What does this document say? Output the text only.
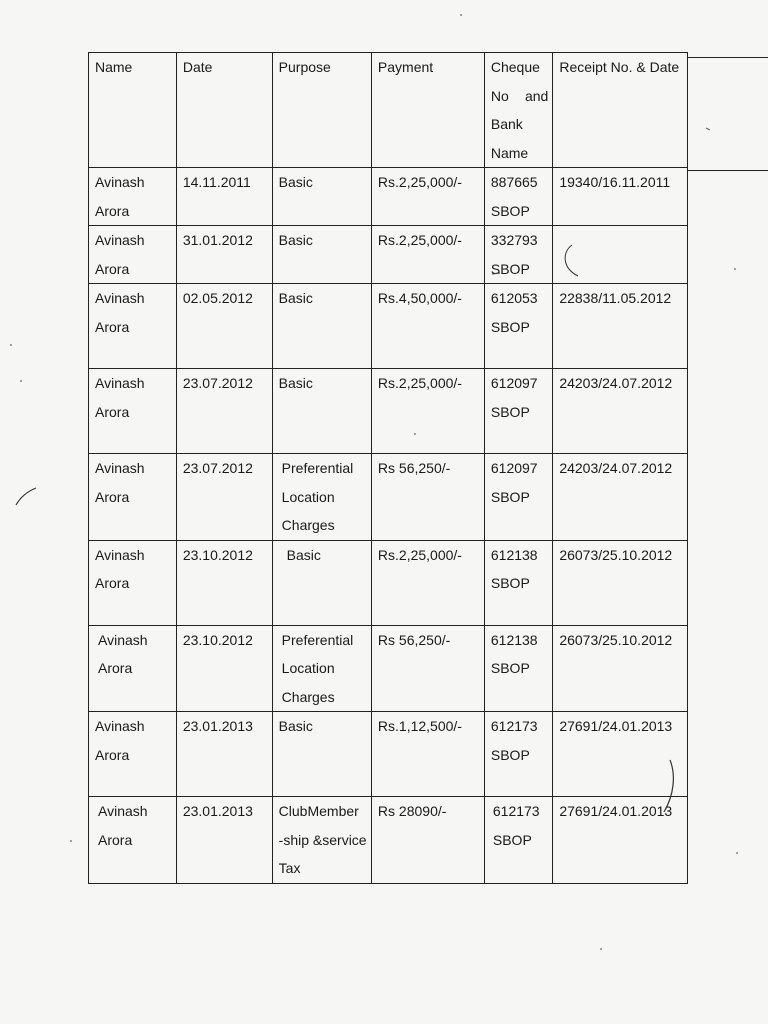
Name	Date	Purpose	Payment	Cheque No and Bank Name	Receipt No. & Date
Avinash Arora	14.11.2011	Basic	Rs.2,25,000/-	887665 SBOP	19340/16.11.2011
Avinash Arora	31.01.2012	Basic	Rs.2,25,000/-	332793 SBOP	
Avinash Arora	02.05.2012	Basic	Rs.4,50,000/-	612053 SBOP	22838/11.05.2012
Avinash Arora	23.07.2012	Basic	Rs.2,25,000/-	612097 SBOP	24203/24.07.2012
Avinash Arora	23.07.2012	Preferential Location Charges	Rs 56,250/-	612097 SBOP	24203/24.07.2012
Avinash Arora	23.10.2012	Basic	Rs.2,25,000/-	612138 SBOP	26073/25.10.2012
Avinash Arora	23.10.2012	Preferential Location Charges	Rs 56,250/-	612138 SBOP	26073/25.10.2012
Avinash Arora	23.01.2013	Basic	Rs.1,12,500/-	612173 SBOP	27691/24.01.2013
Avinash Arora	23.01.2013	ClubMember -ship &service Tax	Rs 28090/-	612173 SBOP	27691/24.01.2013
